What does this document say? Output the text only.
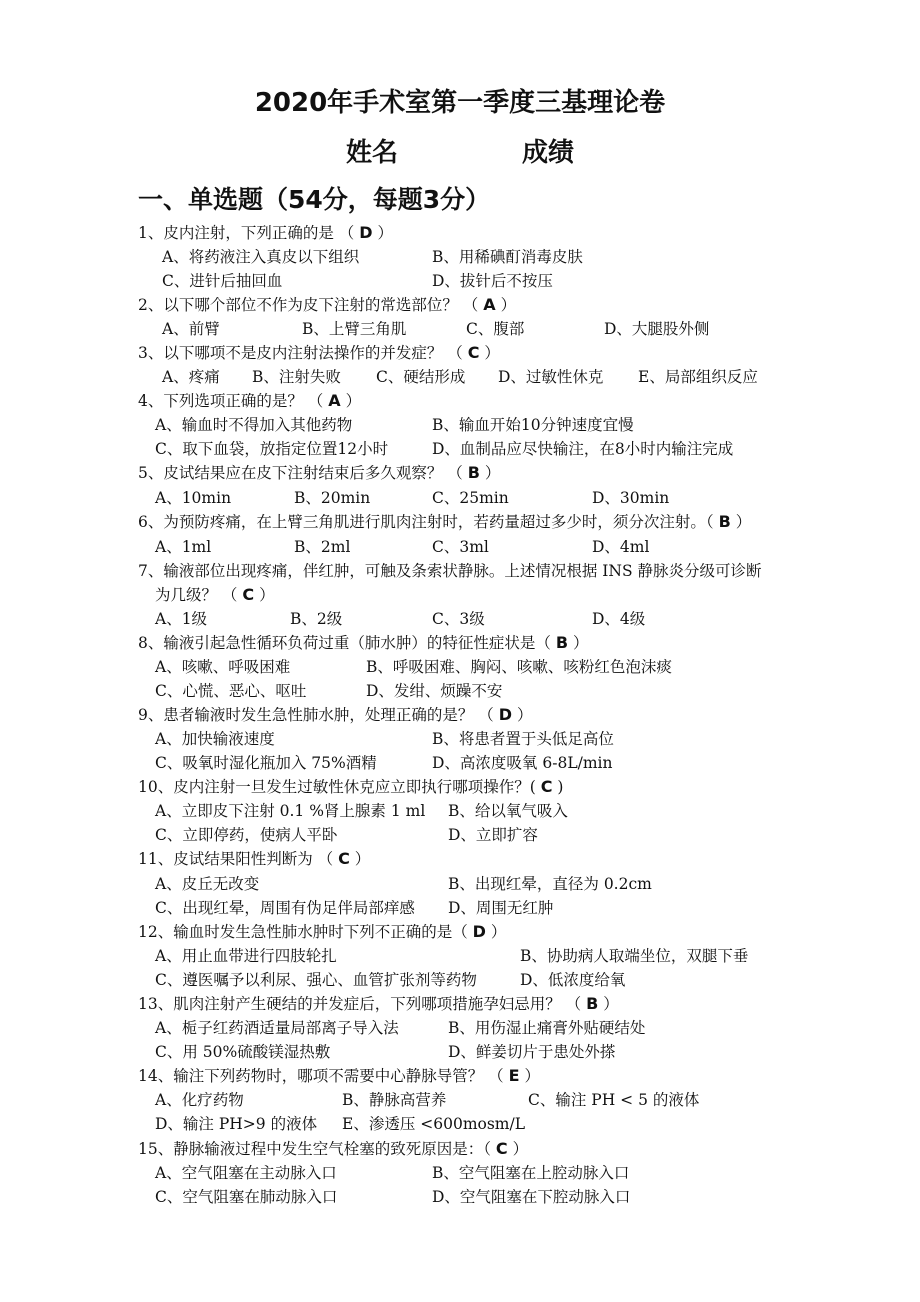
2020年手术室第一季度三基理论卷
姓名	成绩
一、单选题（54分，每题3分）
1、皮内注射，下列正确的是 （ D ）
A、将药液注入真皮以下组织	B、用稀碘酊消毒皮肤
C、进针后抽回血	D、拔针后不按压
2、以下哪个部位不作为皮下注射的常选部位？ （ A ）
A、前臂	B、上臂三角肌	C、腹部	D、大腿股外侧
3、以下哪项不是皮内注射法操作的并发症？ （ C ）
A、疼痛 B、注射失败 C、硬结形成 D、过敏性休克 E、局部组织反应
4、下列选项正确的是？ （ A ）
A、输血时不得加入其他药物	B、输血开始10分钟速度宜慢
C、取下血袋，放指定位置12小时	D、血制品应尽快输注，在8小时内输注完成
5、皮试结果应在皮下注射结束后多久观察？ （ B ）
A、10min	B、20min	C、25min	D、30min
6、为预防疼痛，在上臂三角肌进行肌肉注射时，若药量超过多少时，须分次注射。（ B ）
A、1ml	B、2ml	C、3ml	D、4ml
7、输液部位出现疼痛，伴红肿，可触及条索状静脉。上述情况根据 INS 静脉炎分级可诊断
为几级？ （ C ）
A、1级	B、2级	C、3级	D、4级
8、输液引起急性循环负荷过重（肺水肿）的特征性症状是（ B ）
A、咳嗽、呼吸困难	B、呼吸困难、胸闷、咳嗽、咳粉红色泡沫痰
C、心慌、恶心、呕吐	D、发绀、烦躁不安
9、患者输液时发生急性肺水肿，处理正确的是？ （ D ）
A、加快输液速度	B、将患者置于头低足高位
C、吸氧时湿化瓶加入 75%酒精	D、高浓度吸氧 6-8L/min
10、皮内注射一旦发生过敏性休克应立即执行哪项操作？( C )
A、立即皮下注射 0.1 %肾上腺素 1 ml B、给以氧气吸入
C、立即停药，使病人平卧	D、立即扩容
11、皮试结果阳性判断为 （ C ）
A、皮丘无改变	B、出现红晕，直径为 0.2cm
C、出现红晕，周围有伪足伴局部痒感 D、周围无红肿
12、输血时发生急性肺水肿时下列不正确的是（ D ）
A、用止血带进行四肢轮扎	B、协助病人取端坐位，双腿下垂
C、遵医嘱予以利尿、强心、血管扩张剂等药物	D、低浓度给氧
13、肌肉注射产生硬结的并发症后，下列哪项措施孕妇忌用？ （ B ）
A、栀子红药酒适量局部离子导入法	B、用伤湿止痛膏外贴硬结处
C、用 50%硫酸镁湿热敷	D、鲜姜切片于患处外搽
14、输注下列药物时，哪项不需要中心静脉导管？ （ E ）
A、化疗药物	B、静脉高营养	C、输注 PH < 5 的液体
D、输注 PH>9 的液体 E、渗透压 <600mosm/L
15、静脉输液过程中发生空气栓塞的致死原因是：（ C ）
A、空气阻塞在主动脉入口	B、空气阻塞在上腔动脉入口
C、空气阻塞在肺动脉入口	D、空气阻塞在下腔动脉入口
